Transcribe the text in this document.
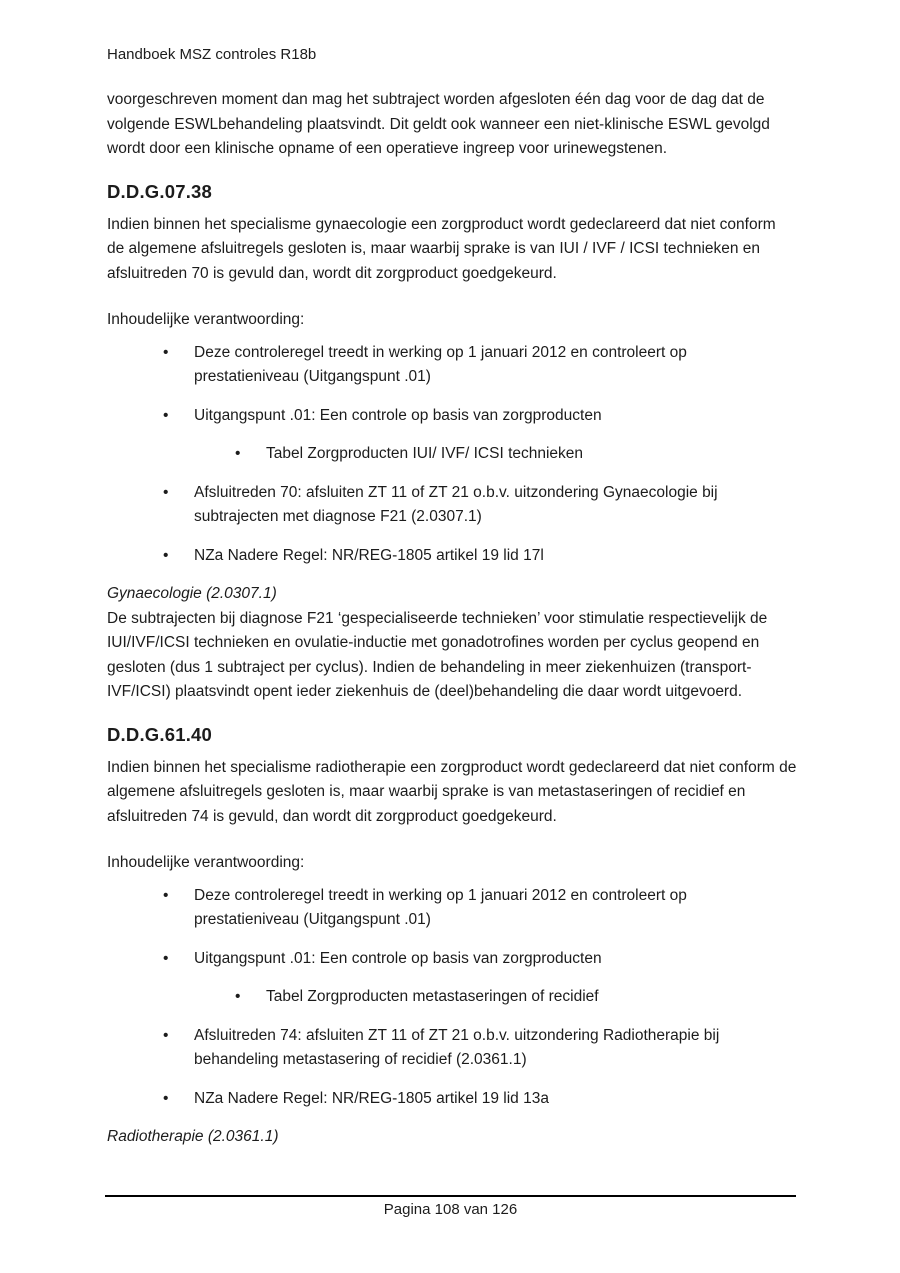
Handboek MSZ controles R18b

voorgeschreven moment dan mag het subtraject worden afgesloten één dag voor de dag dat de volgende ESWLbehandeling plaatsvindt. Dit geldt ook wanneer een niet-klinische ESWL gevolgd wordt door een klinische opname of een operatieve ingreep voor urinewegstenen.

D.D.G.07.38

Indien binnen het specialisme gynaecologie een zorgproduct wordt gedeclareerd dat niet conform de algemene afsluitregels gesloten is, maar waarbij sprake is van IUI / IVF / ICSI technieken en afsluitreden 70 is gevuld dan, wordt dit zorgproduct goedgekeurd.

Inhoudelijke verantwoording:

•	Deze controleregel treedt in werking op 1 januari 2012 en controleert op prestatieniveau (Uitgangspunt .01)
•	Uitgangspunt .01: Een controle op basis van zorgproducten
•	Tabel Zorgproducten IUI/ IVF/ ICSI technieken
•	Afsluitreden 70: afsluiten ZT 11 of ZT 21 o.b.v. uitzondering Gynaecologie bij subtrajecten met diagnose F21 (2.0307.1)
•	NZa Nadere Regel: NR/REG-1805 artikel 19 lid 17l
Gynaecologie (2.0307.1)

De subtrajecten bij diagnose F21 ‘gespecialiseerde technieken’ voor stimulatie respectievelijk de IUI/IVF/ICSI technieken en ovulatie-inductie met gonadotrofines worden per cyclus geopend en gesloten (dus 1 subtraject per cyclus). Indien de behandeling in meer ziekenhuizen (transport-IVF/ICSI) plaatsvindt opent ieder ziekenhuis de (deel)behandeling die daar wordt uitgevoerd.

D.D.G.61.40

Indien binnen het specialisme radiotherapie een zorgproduct wordt gedeclareerd dat niet conform de algemene afsluitregels gesloten is, maar waarbij sprake is van metastaseringen of recidief en afsluitreden 74 is gevuld, dan wordt dit zorgproduct goedgekeurd.

Inhoudelijke verantwoording:

•	Deze controleregel treedt in werking op 1 januari 2012 en controleert op prestatieniveau (Uitgangspunt .01)
•	Uitgangspunt .01: Een controle op basis van zorgproducten
•	Tabel Zorgproducten metastaseringen of recidief
•	Afsluitreden 74: afsluiten ZT 11 of ZT 21 o.b.v. uitzondering Radiotherapie bij behandeling metastasering of recidief (2.0361.1)
•	NZa Nadere Regel: NR/REG-1805 artikel 19 lid 13a
Radiotherapie (2.0361.1)
Pagina 108 van 126
